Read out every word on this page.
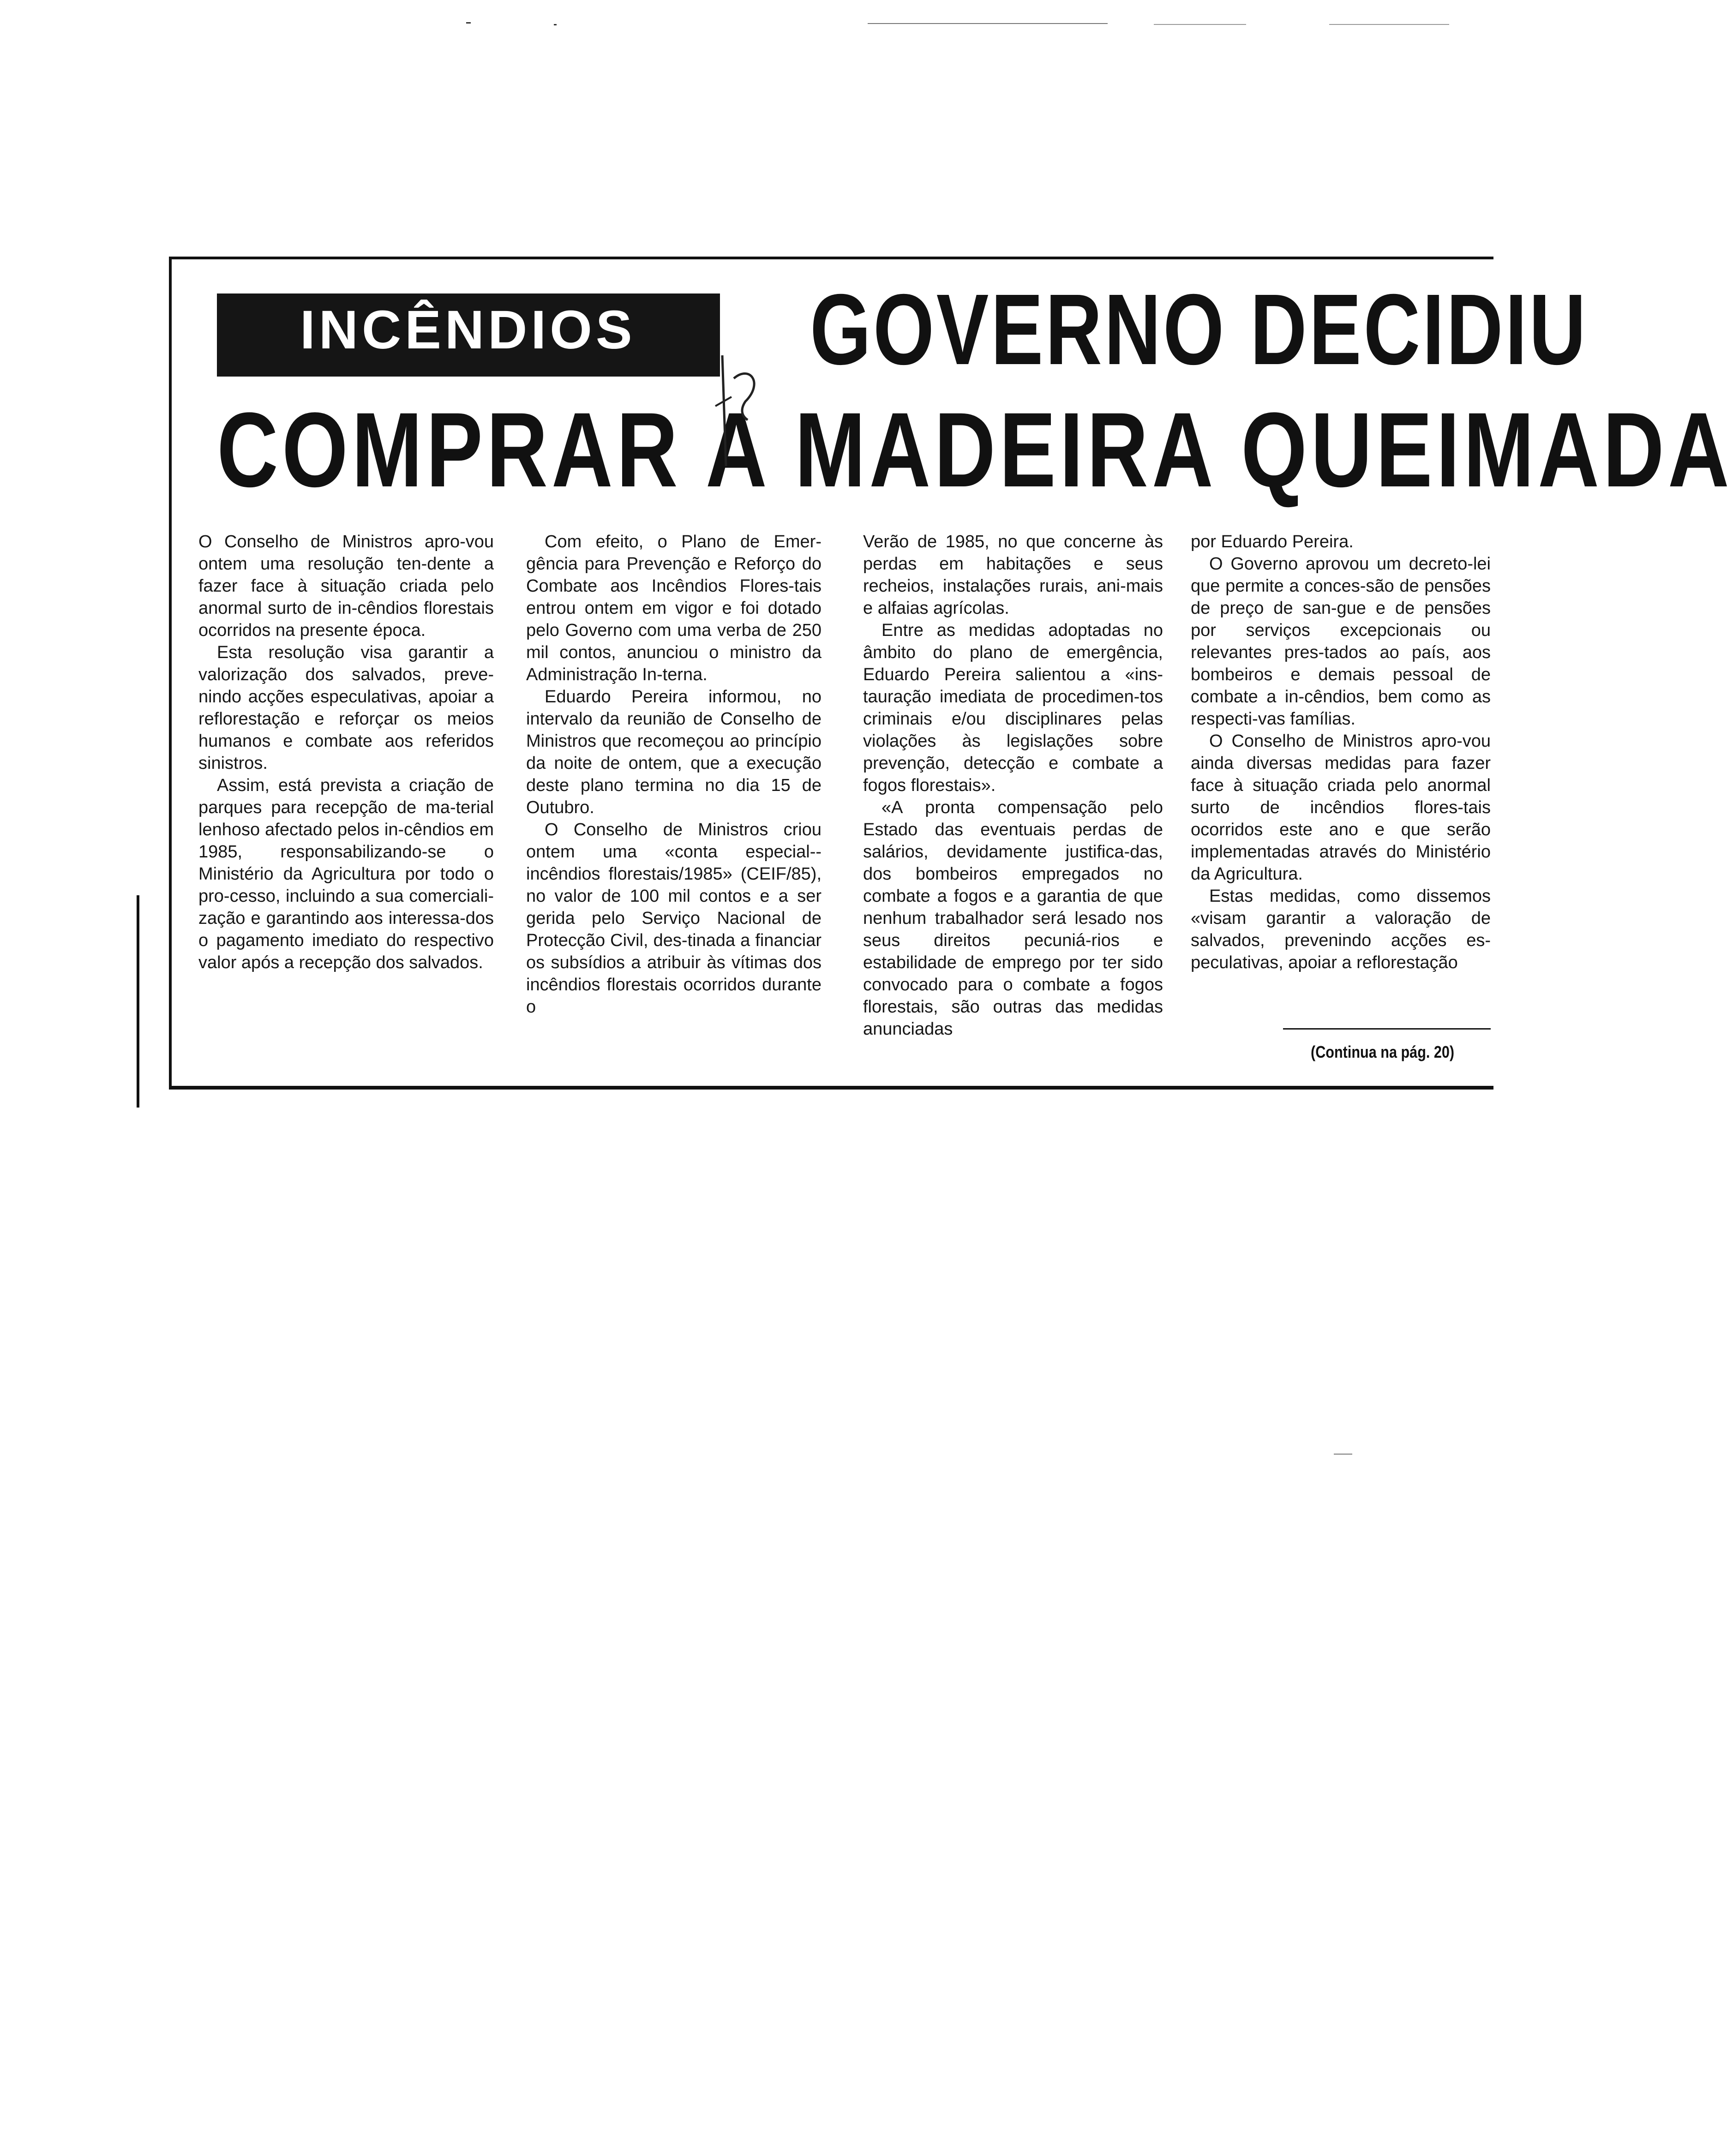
INCÊNDIOS GOVERNO DECIDIU
COMPRAR A MADEIRA QUEIMADA

O Conselho de Ministros apro-vou ontem uma resolução ten-dente a fazer face à situação criada pelo anormal surto de in-cêndios florestais ocorridos na presente época.

Esta resolução visa garantir a valorização dos salvados, preve-nindo acções especulativas, apoiar a reflorestação e reforçar os meios humanos e combate aos referidos sinistros.

Assim, está prevista a criação de parques para recepção de ma-terial lenhoso afectado pelos in-cêndios em 1985, responsabilizando-se o Ministério da Agricultura por todo o pro-cesso, incluindo a sua comerciali-zação e garantindo aos interessa-dos o pagamento imediato do respectivo valor após a recepção dos salvados.

Com efeito, o Plano de Emer-gência para Prevenção e Reforço do Combate aos Incêndios Flores-tais entrou ontem em vigor e foi dotado pelo Governo com uma verba de 250 mil contos, anunciou o ministro da Administração In-terna.

Eduardo Pereira informou, no intervalo da reunião de Conselho de Ministros que recomeçou ao princípio da noite de ontem, que a execução deste plano termina no dia 15 de Outubro.

O Conselho de Ministros criou ontem uma «conta especial--incêndios florestais/1985» (CEIF/85), no valor de 100 mil contos e a ser gerida pelo Serviço Nacional de Protecção Civil, des-tinada a financiar os subsídios a atribuir às vítimas dos incêndios florestais ocorridos durante o

Verão de 1985, no que concerne às perdas em habitações e seus recheios, instalações rurais, ani-mais e alfaias agrícolas.

Entre as medidas adoptadas no âmbito do plano de emergência, Eduardo Pereira salientou a «ins-tauração imediata de procedimen-tos criminais e/ou disciplinares pelas violações às legislações sobre prevenção, detecção e combate a fogos florestais».

«A pronta compensação pelo Estado das eventuais perdas de salários, devidamente justifica-das, dos bombeiros empregados no combate a fogos e a garantia de que nenhum trabalhador será lesado nos seus direitos pecuniá-rios e estabilidade de emprego por ter sido convocado para o combate a fogos florestais, são outras das medidas anunciadas

por Eduardo Pereira.

O Governo aprovou um decreto-lei que permite a conces-são de pensões de preço de san-gue e de pensões por serviços excepcionais ou relevantes pres-tados ao país, aos bombeiros e demais pessoal de combate a in-cêndios, bem como as respecti-vas famílias.

O Conselho de Ministros apro-vou ainda diversas medidas para fazer face à situação criada pelo anormal surto de incêndios flores-tais ocorridos este ano e que serão implementadas através do Ministério da Agricultura.

Estas medidas, como dissemos «visam garantir a valoração de salvados, prevenindo acções es-peculativas, apoiar a reflorestação

(Continua na pág. 20)
